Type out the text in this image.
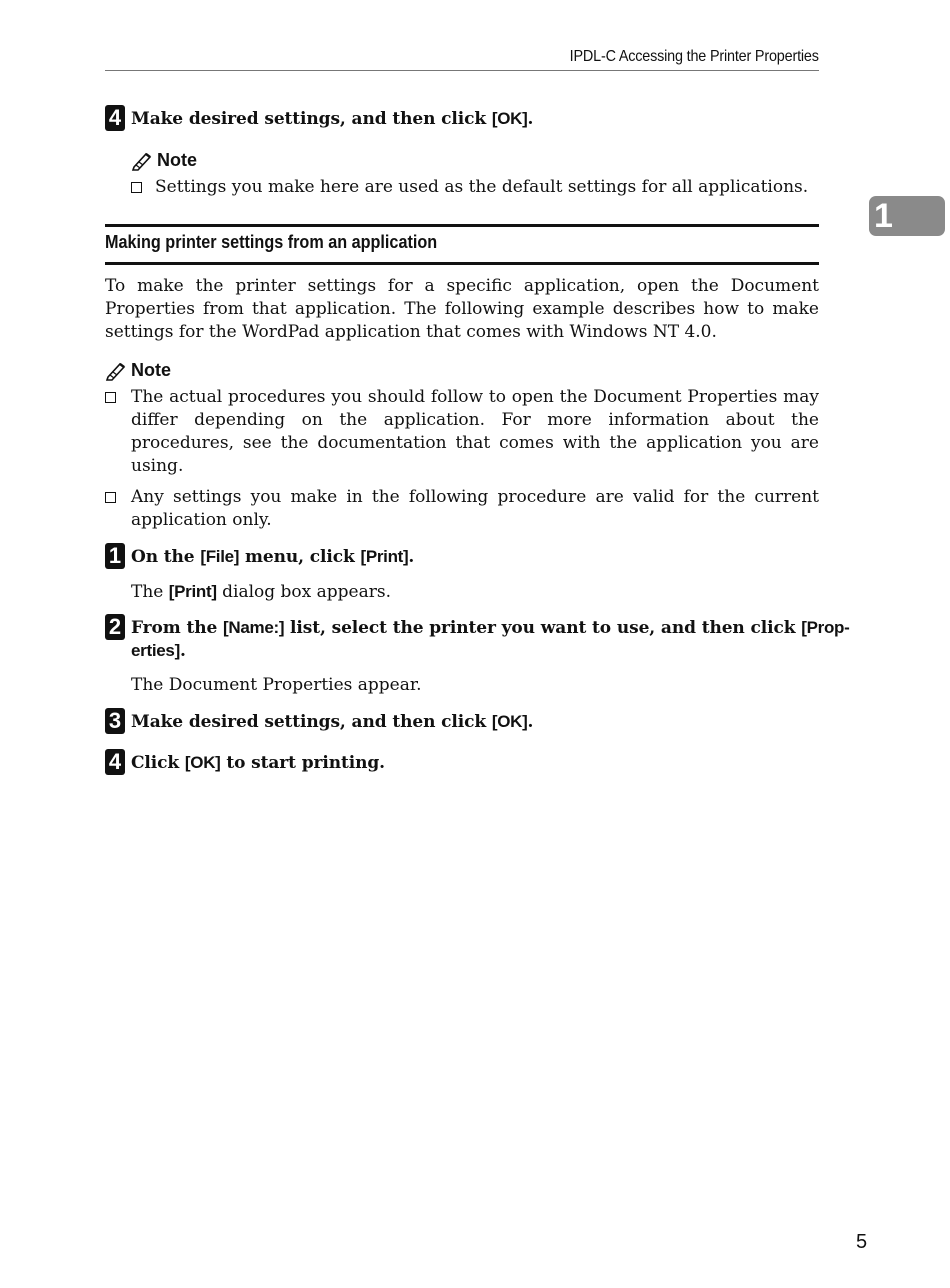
IPDL-C Accessing the Printer Properties
1
4 Make desired settings, and then click [OK].
Note
Settings you make here are used as the default settings for all applications.
Making printer settings from an application
To make the printer settings for a specific application, open the Document Properties from that application. The following example describes how to make settings for the WordPad application that comes with Windows NT 4.0.
Note
The actual procedures you should follow to open the Document Properties may differ depending on the application. For more information about the procedures, see the documentation that comes with the application you are using.
Any settings you make in the following procedure are valid for the current application only.
1 On the [File] menu, click [Print].
The [Print] dialog box appears.
2 From the [Name:] list, select the printer you want to use, and then click [Prop-
erties].
The Document Properties appear.
3 Make desired settings, and then click [OK].
4 Click [OK] to start printing.
5
